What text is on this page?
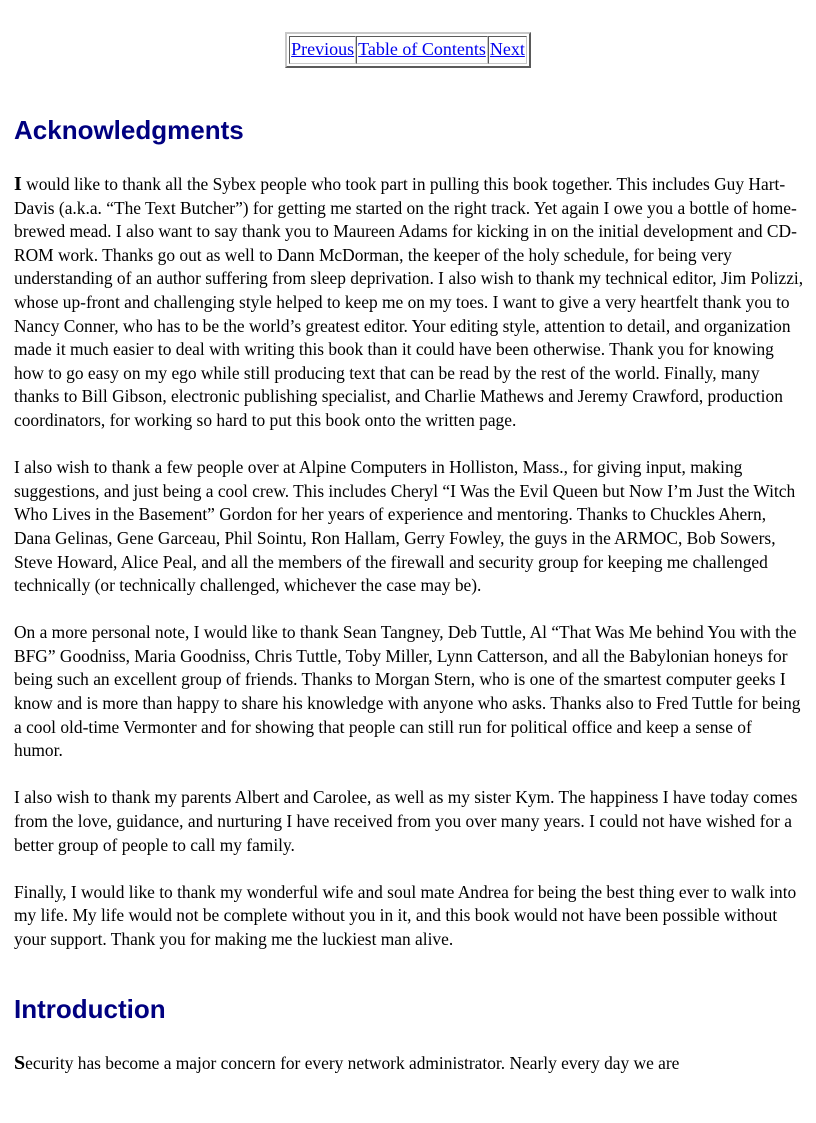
Previous Table of Contents Next
Acknowledgments

I would like to thank all the Sybex people who took part in pulling this book together. This includes Guy Hart-Davis (a.k.a. “The Text Butcher”) for getting me started on the right track. Yet again I owe you a bottle of home-brewed mead. I also want to say thank you to Maureen Adams for kicking in on the initial development and CD-ROM work. Thanks go out as well to Dann McDorman, the keeper of the holy schedule, for being very understanding of an author suffering from sleep deprivation. I also wish to thank my technical editor, Jim Polizzi, whose up-front and challenging style helped to keep me on my toes. I want to give a very heartfelt thank you to Nancy Conner, who has to be the world’s greatest editor. Your editing style, attention to detail, and organization made it much easier to deal with writing this book than it could have been otherwise. Thank you for knowing how to go easy on my ego while still producing text that can be read by the rest of the world. Finally, many thanks to Bill Gibson, electronic publishing specialist, and Charlie Mathews and Jeremy Crawford, production coordinators, for working so hard to put this book onto the written page.

I also wish to thank a few people over at Alpine Computers in Holliston, Mass., for giving input, making suggestions, and just being a cool crew. This includes Cheryl “I Was the Evil Queen but Now I’m Just the Witch Who Lives in the Basement” Gordon for her years of experience and mentoring. Thanks to Chuckles Ahern, Dana Gelinas, Gene Garceau, Phil Sointu, Ron Hallam, Gerry Fowley, the guys in the ARMOC, Bob Sowers, Steve Howard, Alice Peal, and all the members of the firewall and security group for keeping me challenged technically (or technically challenged, whichever the case may be).

On a more personal note, I would like to thank Sean Tangney, Deb Tuttle, Al “That Was Me behind You with the BFG” Goodniss, Maria Goodniss, Chris Tuttle, Toby Miller, Lynn Catterson, and all the Babylonian honeys for being such an excellent group of friends. Thanks to Morgan Stern, who is one of the smartest computer geeks I know and is more than happy to share his knowledge with anyone who asks. Thanks also to Fred Tuttle for being a cool old-time Vermonter and for showing that people can still run for political office and keep a sense of humor.

I also wish to thank my parents Albert and Carolee, as well as my sister Kym. The happiness I have today comes from the love, guidance, and nurturing I have received from you over many years. I could not have wished for a better group of people to call my family.

Finally, I would like to thank my wonderful wife and soul mate Andrea for being the best thing ever to walk into my life. My life would not be complete without you in it, and this book would not have been possible without your support. Thank you for making me the luckiest man alive.

Introduction

Security has become a major concern for every network administrator. Nearly every day we are
